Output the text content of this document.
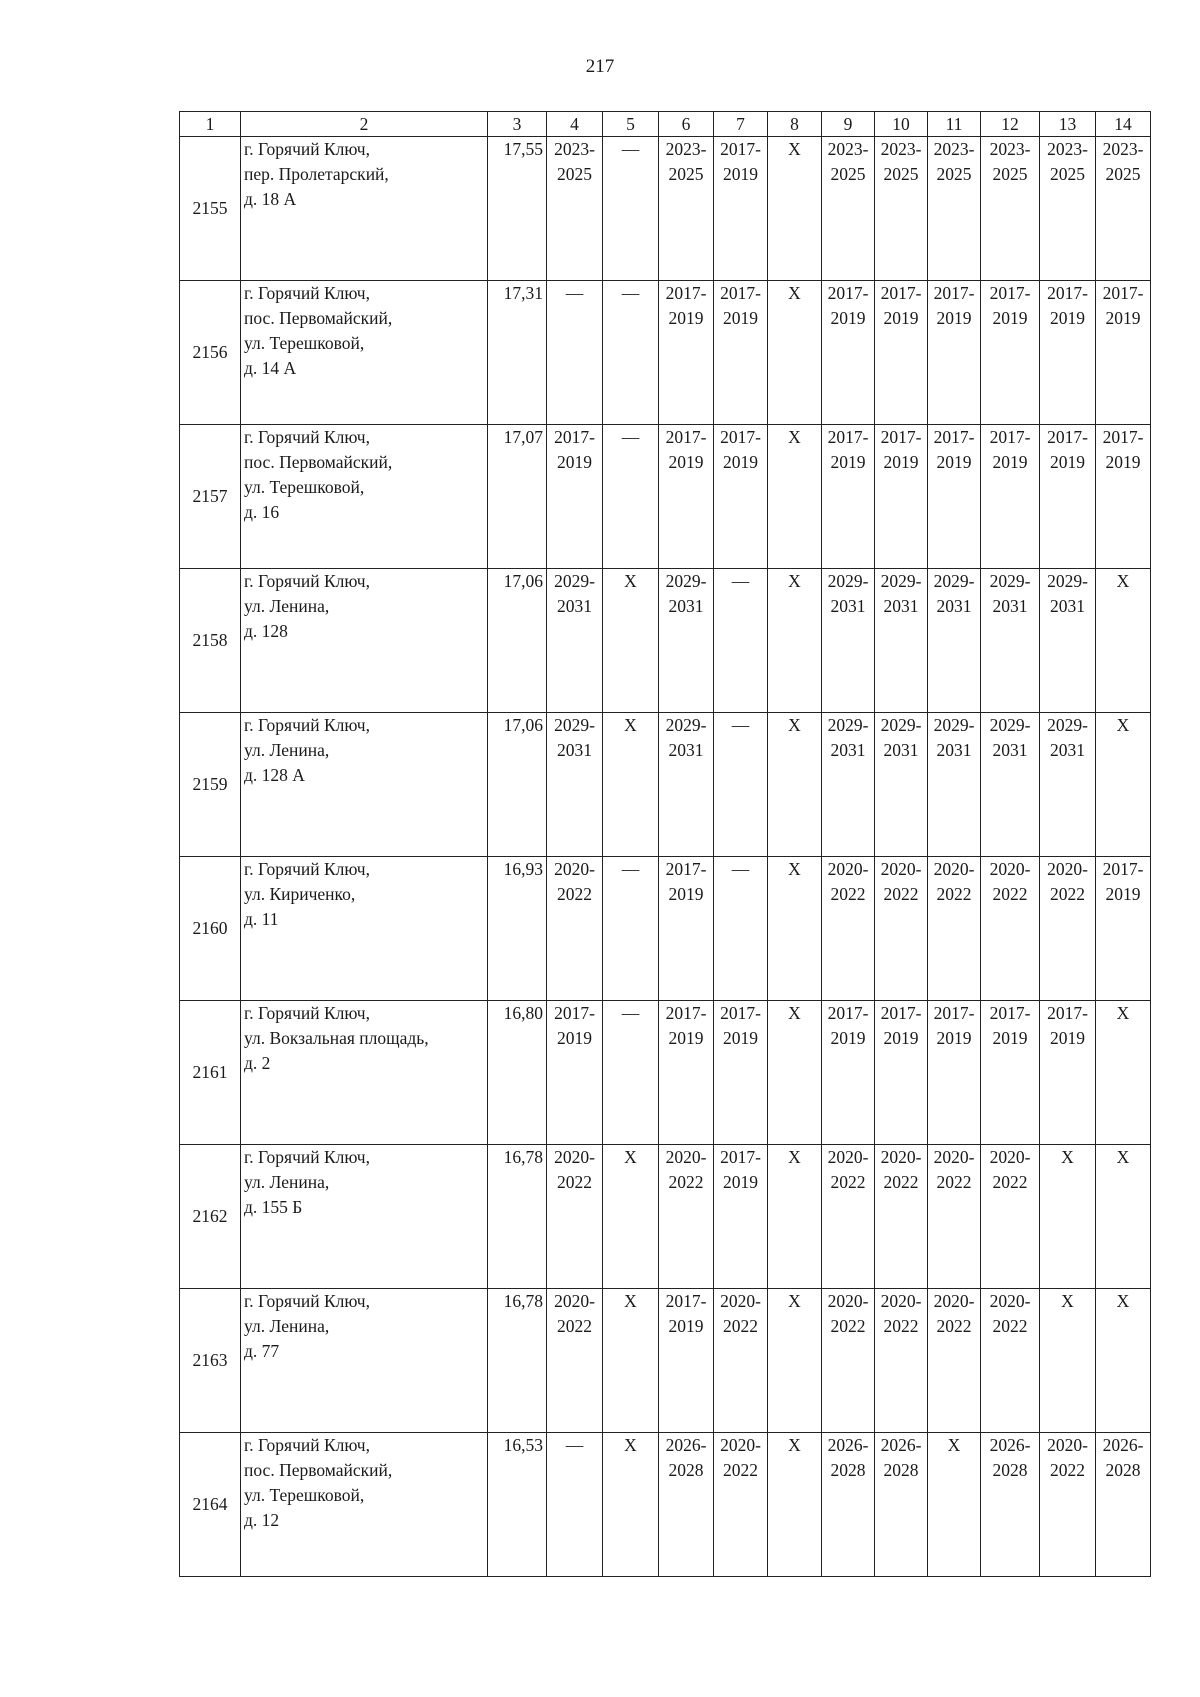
217
1	2	3	4	5	6	7	8	9	10	11	12	13	14
2155	г. Горячий Ключ,
пер. Пролетарский,
д. 18 А	17,55	2023-
2025	—	2023-
2025	2017-
2019	Х	2023-
2025	2023-
2025	2023-
2025	2023-
2025	2023-
2025	2023-
2025

2156	г. Горячий Ключ,
пос. Первомайский,
ул. Терешковой,
д. 14 А	17,31	—	—	2017-
2019	2017-
2019	Х	2017-
2019	2017-
2019	2017-
2019	2017-
2019	2017-
2019	2017-
2019

2157	г. Горячий Ключ,
пос. Первомайский,
ул. Терешковой,
д. 16	17,07	2017-
2019	—	2017-
2019	2017-
2019	Х	2017-
2019	2017-
2019	2017-
2019	2017-
2019	2017-
2019	2017-
2019

2158	г. Горячий Ключ,
ул. Ленина,
д. 128	17,06	2029-
2031	Х	2029-
2031	—	Х	2029-
2031	2029-
2031	2029-
2031	2029-
2031	2029-
2031	Х

2159	г. Горячий Ключ,
ул. Ленина,
д. 128 А	17,06	2029-
2031	Х	2029-
2031	—	Х	2029-
2031	2029-
2031	2029-
2031	2029-
2031	2029-
2031	Х

2160	г. Горячий Ключ,
ул. Кириченко,
д. 11	16,93	2020-
2022	—	2017-
2019	—	Х	2020-
2022	2020-
2022	2020-
2022	2020-
2022	2020-
2022	2017-
2019

2161	г. Горячий Ключ,
ул. Вокзальная площадь,
д. 2	16,80	2017-
2019	—	2017-
2019	2017-
2019	Х	2017-
2019	2017-
2019	2017-
2019	2017-
2019	2017-
2019	Х

2162	г. Горячий Ключ,
ул. Ленина,
д. 155 Б	16,78	2020-
2022	Х	2020-
2022	2017-
2019	Х	2020-
2022	2020-
2022	2020-
2022	2020-
2022	Х	Х

2163	г. Горячий Ключ,
ул. Ленина,
д. 77	16,78	2020-
2022	Х	2017-
2019	2020-
2022	Х	2020-
2022	2020-
2022	2020-
2022	2020-
2022	Х	Х

2164	г. Горячий Ключ,
пос. Первомайский,
ул. Терешковой,
д. 12	16,53	—	Х	2026-
2028	2020-
2022	Х	2026-
2028	2026-
2028	Х	2026-
2028	2020-
2022	2026-
2028
